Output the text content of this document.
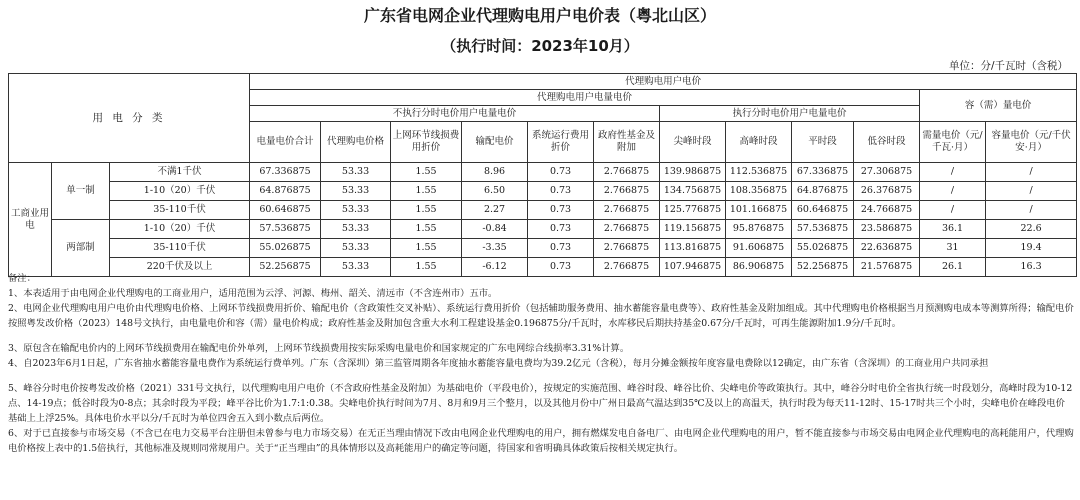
广东省电网企业代理购电用户电价表（粤北山区）
（执行时间：2023年10月）
单位：分/千瓦时（含税）
用 电 分 类			代理购电用户电价											
			代理购电用户电量电价										容（需）量电价	
			不执行分时电价用户电量电价						执行分时电价用户电量电价					
			电量电价合计	代理购电价格	上网环节线损费用折价	输配电价	系统运行费用折价	政府性基金及附加	尖峰时段	高峰时段	平时段	低谷时段	需量电价（元/千瓦·月）	容量电价（元/千伏安·月）
工商业用电	单一制	不满1千伏	67.336875	53.33	1.55	8.96	0.73	2.766875	139.986875	112.536875	67.336875	27.306875	/	/
		1-10（20）千伏	64.876875	53.33	1.55	6.50	0.73	2.766875	134.756875	108.356875	64.876875	26.376875	/	/
		35-110千伏	60.646875	53.33	1.55	2.27	0.73	2.766875	125.776875	101.166875	60.646875	24.766875	/	/
	两部制	1-10（20）千伏	57.536875	53.33	1.55	-0.84	0.73	2.766875	119.156875	95.876875	57.536875	23.586875	36.1	22.6
		35-110千伏	55.026875	53.33	1.55	-3.35	0.73	2.766875	113.816875	91.606875	55.026875	22.636875	31	19.4
		220千伏及以上	52.256875	53.33	1.55	-6.12	0.73	2.766875	107.946875	86.906875	52.256875	21.576875	26.1	16.3

备注：

1、本表适用于由电网企业代理购电的工商业用户，适用范围为云浮、河源、梅州、韶关、清远市（不含连州市）五市。

2、电网企业代理购电用户电价由代理购电价格、上网环节线损费用折价、输配电价（含政策性交叉补贴）、系统运行费用折价（包括辅助服务费用、抽水蓄能容量电费等）、政府性基金及附加组成。其中代理购电价格根据当月预测购电成本等测算所得；输配电价按照粤发改价格（2023）148号文执行，由电量电价和容（需）量电价构成；政府性基金及附加包含重大水利工程建设基金0.196875分/千瓦时，水库移民后期扶持基金0.67分/千瓦时，可再生能源附加1.9分/千瓦时。

3、原包含在输配电价内的上网环节线损费用在输配电价外单列，上网环节线损费用按实际采购电量电价和国家规定的广东电网综合线损率3.31%计算。

4、自2023年6月1日起，广东省抽水蓄能容量电费作为系统运行费单列。广东（含深圳）第三监管周期各年度抽水蓄能容量电费均为39.2亿元（含税），每月分摊金额按年度容量电费除以12确定，由广东省（含深圳）的工商业用户共同承担

5、峰谷分时电价按粤发改价格（2021）331号文执行，以代理购电用户电价（不含政府性基金及附加）为基础电价（平段电价），按规定的实施范围、峰谷时段、峰谷比价、尖峰电价等政策执行。其中，峰谷分时电价全省执行统一时段划分，高峰时段为10-12点、14-19点；低谷时段为0-8点；其余时段为平段；峰平谷比价为1.7:1:0.38。尖峰电价执行时间为7月、8月和9月三个整月，以及其他月份中广州日最高气温达到35℃及以上的高温天，执行时段为每天11-12时、15-17时共三个小时，尖峰电价在峰段电价基础上上浮25%。具体电价水平以分/千瓦时为单位四舍五入到小数点后两位。

6、对于已直接参与市场交易（不含已在电力交易平台注册但未曾参与电力市场交易）在无正当理由情况下改由电网企业代理购电的用户，拥有燃煤发电自备电厂、由电网企业代理购电的用户，暂不能直接参与市场交易由电网企业代理购电的高耗能用户，代理购电价格按上表中的1.5倍执行，其他标准及规则同常规用户。关于“正当理由”的具体情形以及高耗能用户的确定等问题，待国家和省明确具体政策后按相关规定执行。
